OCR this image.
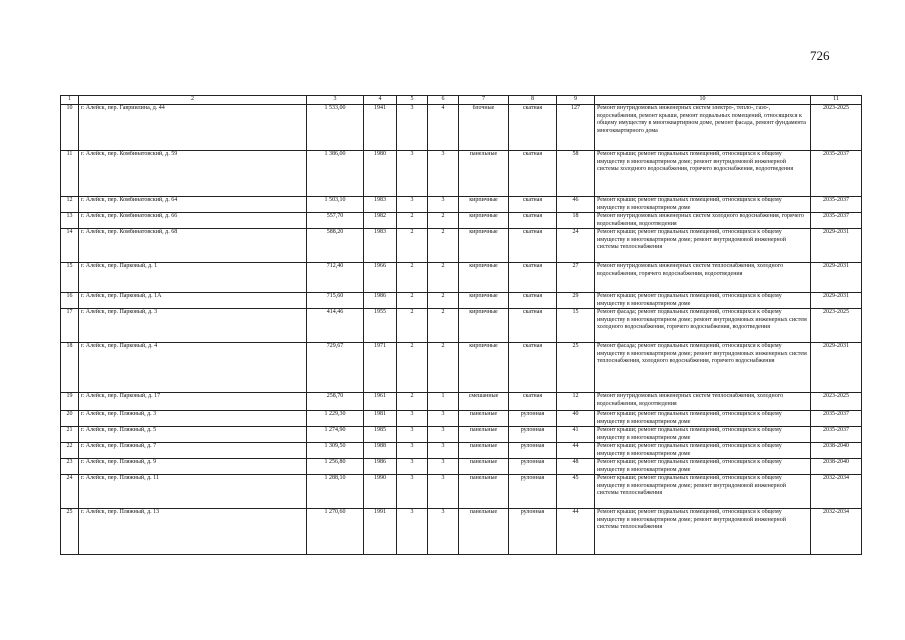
726
1	2	3	4	5	6	7	8	9	10	11
10	г. Алейск, пер. Гавриилина, д. 44	1 533,00	1941	3	4	блочные	скатная	127	Ремонт внутридомовых инженерных систем электро-, тепло-, газо-, водоснабжения, ремонт крыши, ремонт подвальных помещений, относящихся к общему имуществу в многоквартирном доме, ремонт фасада, ремонт фундамента многоквартирного дома	2023-2025
11	г. Алейск, пер. Комбинатовский, д. 59	1 386,00	1980	3	3	панельные	скатная	58	Ремонт крыши; ремонт подвальных помещений, относящихся к общему имуществу в многоквартирном доме; ремонт внутридомовой инженерной системы холодного водоснабжения, горячего водоснабжения, водоотведения	2035-2037
12	г. Алейск, пер. Комбинатовский, д. 64	1 503,10	1983	3	3	кирпичные	скатная	46	Ремонт крыши; ремонт подвальных помещений, относящихся к общему имуществу в многоквартирном доме	2035-2037
13	г. Алейск, пер. Комбинатовский, д. 66	557,70	1982	2	2	кирпичные	скатная	18	Ремонт внутридомовых инженерных систем холодного водоснабжения, горячего водоснабжения, водоотведения	2035-2037
14	г. Алейск, пер. Комбинатовский, д. 68	588,20	1983	2	2	кирпичные	скатная	24	Ремонт крыши; ремонт подвальных помещений, относящихся к общему имуществу в многоквартирном доме; ремонт внутридомовой инженерной системы теплоснабжения	2029-2031
15	г. Алейск, пер. Парковый, д. 1	712,40	1966	2	2	кирпичные	скатная	27	Ремонт внутридомовых инженерных систем теплоснабжения, холодного водоснабжения, горячего водоснабжения, водоотведения	2029-2031
16	г. Алейск, пер. Парковый, д. 1А	715,60	1986	2	2	кирпичные	скатная	29	Ремонт крыши; ремонт подвальных помещений, относящихся к общему имуществу в многоквартирном доме	2029-2031
17	г. Алейск, пер. Парковый, д. 3	414,46	1955	2	2	кирпичные	скатная	15	Ремонт фасада; ремонт подвальных помещений, относящихся к общему имуществу в многоквартирном доме; ремонт внутридомовых инженерных систем холодного водоснабжения, горячего водоснабжения, водоотведения	2023-2025
18	г. Алейск, пер. Парковый, д. 4	729,67	1971	2	2	кирпичные	скатная	25	Ремонт фасада; ремонт подвальных помещений, относящихся к общему имуществу в многоквартирном доме; ремонт внутридомовых инженерных систем теплоснабжения, холодного водоснабжения, горячего водоснабжения	2029-2031
19	г. Алейск, пер. Парковый, д. 17	258,70	1961	2	1	смешанные	скатная	12	Ремонт внутридомовых инженерных систем теплоснабжения, холодного водоснабжения, водоотведения	2023-2025
20	г. Алейск, пер. Пляжный, д. 3	1 229,30	1981	3	3	панельные	рулонная	40	Ремонт крыши; ремонт подвальных помещений, относящихся к общему имуществу в многоквартирном доме	2035-2037
21	г. Алейск, пер. Пляжный, д. 5	1 274,90	1985	3	3	панельные	рулонная	41	Ремонт крыши; ремонт подвальных помещений, относящихся к общему имуществу в многоквартирном доме	2035-2037
22	г. Алейск, пер. Пляжный, д. 7	1 309,50	1988	3	3	панельные	рулонная	44	Ремонт крыши; ремонт подвальных помещений, относящихся к общему имуществу в многоквартирном доме	2038-2040
23	г. Алейск, пер. Пляжный, д. 9	1 256,80	1986	3	3	панельные	рулонная	48	Ремонт крыши; ремонт подвальных помещений, относящихся к общему имуществу в многоквартирном доме	2038-2040
24	г. Алейск, пер. Пляжный, д. 11	1 288,10	1990	3	3	панельные	рулонная	45	Ремонт крыши; ремонт подвальных помещений, относящихся к общему имуществу в многоквартирном доме; ремонт внутридомовой инженерной системы теплоснабжения	2032-2034
25	г. Алейск, пер. Пляжный, д. 13	1 270,60	1991	3	3	панельные	рулонная	44	Ремонт крыши; ремонт подвальных помещений, относящихся к общему имуществу в многоквартирном доме; ремонт внутридомовой инженерной системы теплоснабжения	2032-2034
